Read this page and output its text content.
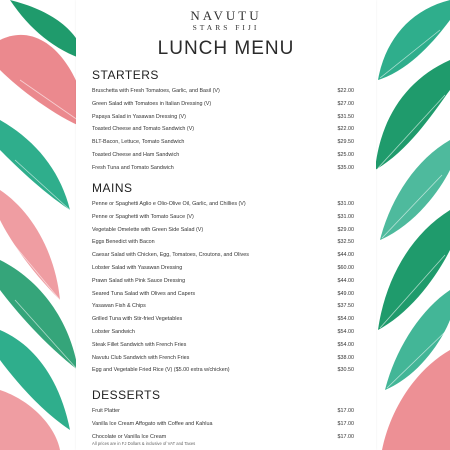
NAVUTU
STARS FIJI
LUNCH MENU
STARTERS
Bruschetta with Fresh Tomatoes, Garlic, and Basil (V)	$22.00
Green Salad with Tomatoes in Italian Dressing (V)	$27.00
Papaya Salad in Yasawan Dressing (V)	$31.50
Toasted Cheese and Tomato Sandwich (V)	$22.00
BLT-Bacon, Lettuce, Tomato Sandwich	$29.50
Toasted Cheese and Ham Sandwich	$25.00
Fresh Tuna and Tomato Sandwich	$35.00
MAINS
Penne or Spaghetti Aglio e Olio-Olive Oil, Garlic, and Chillies (V)	$31.00
Penne or Spaghetti with Tomato Sauce (V)	$31.00
Vegetable Omelette with Green Side Salad (V)	$29.00
Eggs Benedict with Bacon	$32.50
Caesar Salad with Chicken, Egg, Tomatoes, Croutons, and Olives	$44.00
Lobster Salad with Yasawan Dressing	$60.00
Prawn Salad with Pink Sauce Dressing	$44.00
Seared Tuna Salad with Olives and Capers	$49.00
Yasawan Fish & Chips	$37.50
Grilled Tuna with Stir-fried Vegetables	$54.00
Lobster Sandwich	$54.00
Steak Fillet Sandwich with French Fries	$54.00
Navutu Club Sandwich with French Fries	$38.00
Egg and Vegetable Fried Rice (V) ($5.00 extra w/chicken)	$30.50
DESSERTS
Fruit Platter	$17.00
Vanilla Ice Cream Affogato with Coffee and Kahlua	$17.00
Chocolate or Vanilla Ice Cream	$17.00
All prices are in FJ Dollars & inclusive of VAT and Taxes
